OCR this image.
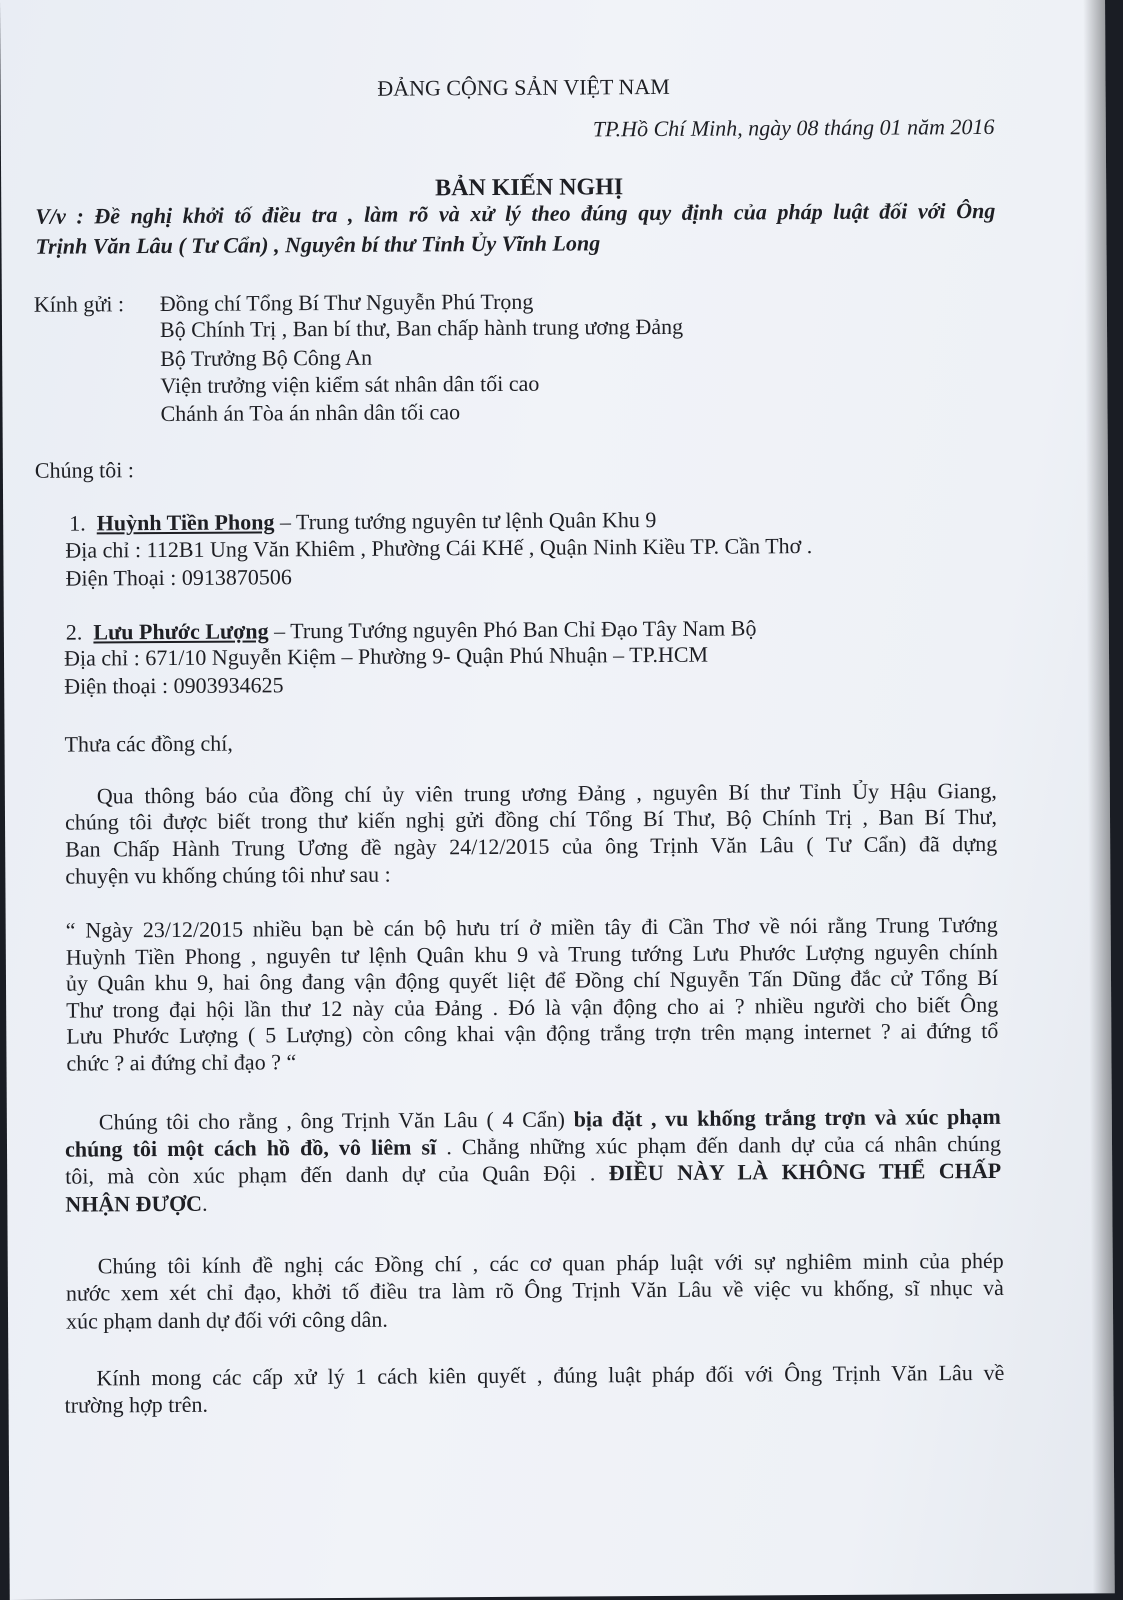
ĐẢNG CỘNG SẢN VIỆT NAM
TP.Hồ Chí Minh, ngày 08 tháng 01 năm 2016
BẢN KIẾN NGHỊ
V/v : Đề nghị khởi tố điều tra , làm rõ và xử lý theo đúng quy định của pháp luật đối với Ông
Trịnh Văn Lâu ( Tư Cẩn) , Nguyên bí thư Tỉnh Ủy Vĩnh Long
Kính gửi : Đồng chí Tổng Bí Thư Nguyễn Phú Trọng
Bộ Chính Trị , Ban bí thư, Ban chấp hành trung ương Đảng
Bộ Trưởng Bộ Công An
Viện trưởng viện kiểm sát nhân dân tối cao
Chánh án Tòa án nhân dân tối cao
Chúng tôi :
1. Huỳnh Tiền Phong – Trung tướng nguyên tư lệnh Quân Khu 9
Địa chỉ : 112B1 Ung Văn Khiêm , Phường Cái KHế , Quận Ninh Kiều TP. Cần Thơ .
Điện Thoại : 0913870506
2. Lưu Phước Lượng – Trung Tướng nguyên Phó Ban Chỉ Đạo Tây Nam Bộ
Địa chỉ : 671/10 Nguyễn Kiệm – Phường 9- Quận Phú Nhuận – TP.HCM
Điện thoại : 0903934625
Thưa các đồng chí,
Qua thông báo của đồng chí ủy viên trung ương Đảng , nguyên Bí thư Tỉnh Ủy Hậu Giang,
chúng tôi được biết trong thư kiến nghị gửi đồng chí Tổng Bí Thư, Bộ Chính Trị , Ban Bí Thư,
Ban Chấp Hành Trung Ương đề ngày 24/12/2015 của ông Trịnh Văn Lâu ( Tư Cẩn) đã dựng
chuyện vu khống chúng tôi như sau :
“ Ngày 23/12/2015 nhiều bạn bè cán bộ hưu trí ở miền tây đi Cần Thơ về nói rằng Trung Tướng
Huỳnh Tiền Phong , nguyên tư lệnh Quân khu 9 và Trung tướng Lưu Phước Lượng nguyên chính
ủy Quân khu 9, hai ông đang vận động quyết liệt để Đồng chí Nguyễn Tấn Dũng đắc cử Tổng Bí
Thư trong đại hội lần thư 12 này của Đảng . Đó là vận động cho ai ? nhiều người cho biết Ông
Lưu Phước Lượng ( 5 Lượng) còn công khai vận động trắng trợn trên mạng internet ? ai đứng tổ
chức ? ai đứng chỉ đạo ? “
Chúng tôi cho rằng , ông Trịnh Văn Lâu ( 4 Cẩn) bịa đặt , vu khống trắng trợn và xúc phạm
chúng tôi một cách hồ đồ, vô liêm sĩ . Chẳng những xúc phạm đến danh dự của cá nhân chúng
tôi, mà còn xúc phạm đến danh dự của Quân Đội . ĐIỀU NÀY LÀ KHÔNG THỂ CHẤP
NHẬN ĐƯỢC.
Chúng tôi kính đề nghị các Đồng chí , các cơ quan pháp luật với sự nghiêm minh của phép
nước xem xét chỉ đạo, khởi tố điều tra làm rõ Ông Trịnh Văn Lâu về việc vu khống, sĩ nhục và
xúc phạm danh dự đối với công dân.
Kính mong các cấp xử lý 1 cách kiên quyết , đúng luật pháp đối với Ông Trịnh Văn Lâu về
trường hợp trên.
